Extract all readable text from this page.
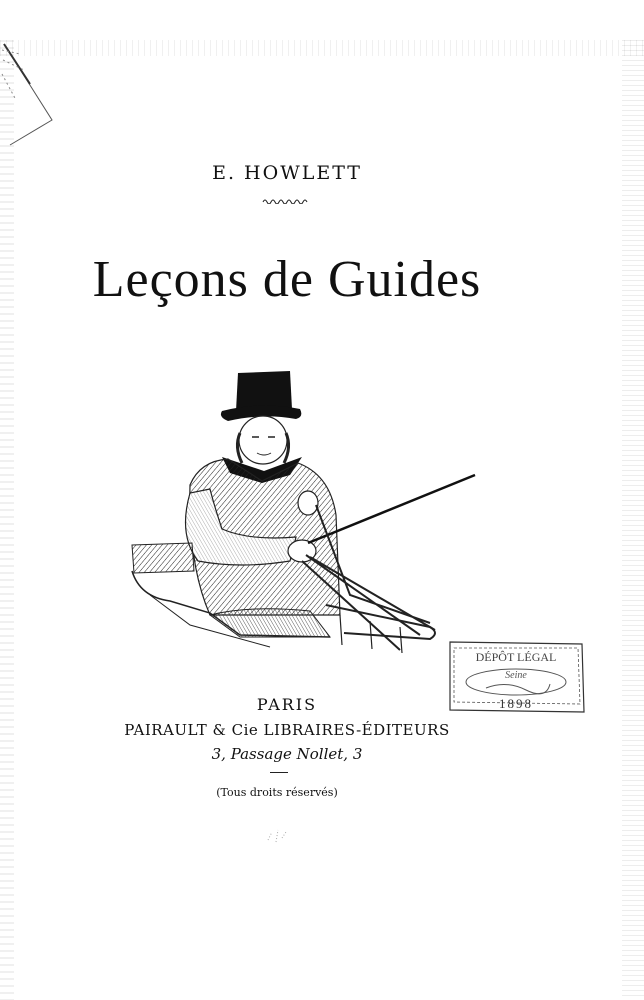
E. HOWLETT
Leçons de Guides
DÉPÔT LÉGAL
Seine
1898
PARIS
PAIRAULT & Cie LIBRAIRES-ÉDITEURS
3, Passage Nollet, 3
(Tous droits réservés)
